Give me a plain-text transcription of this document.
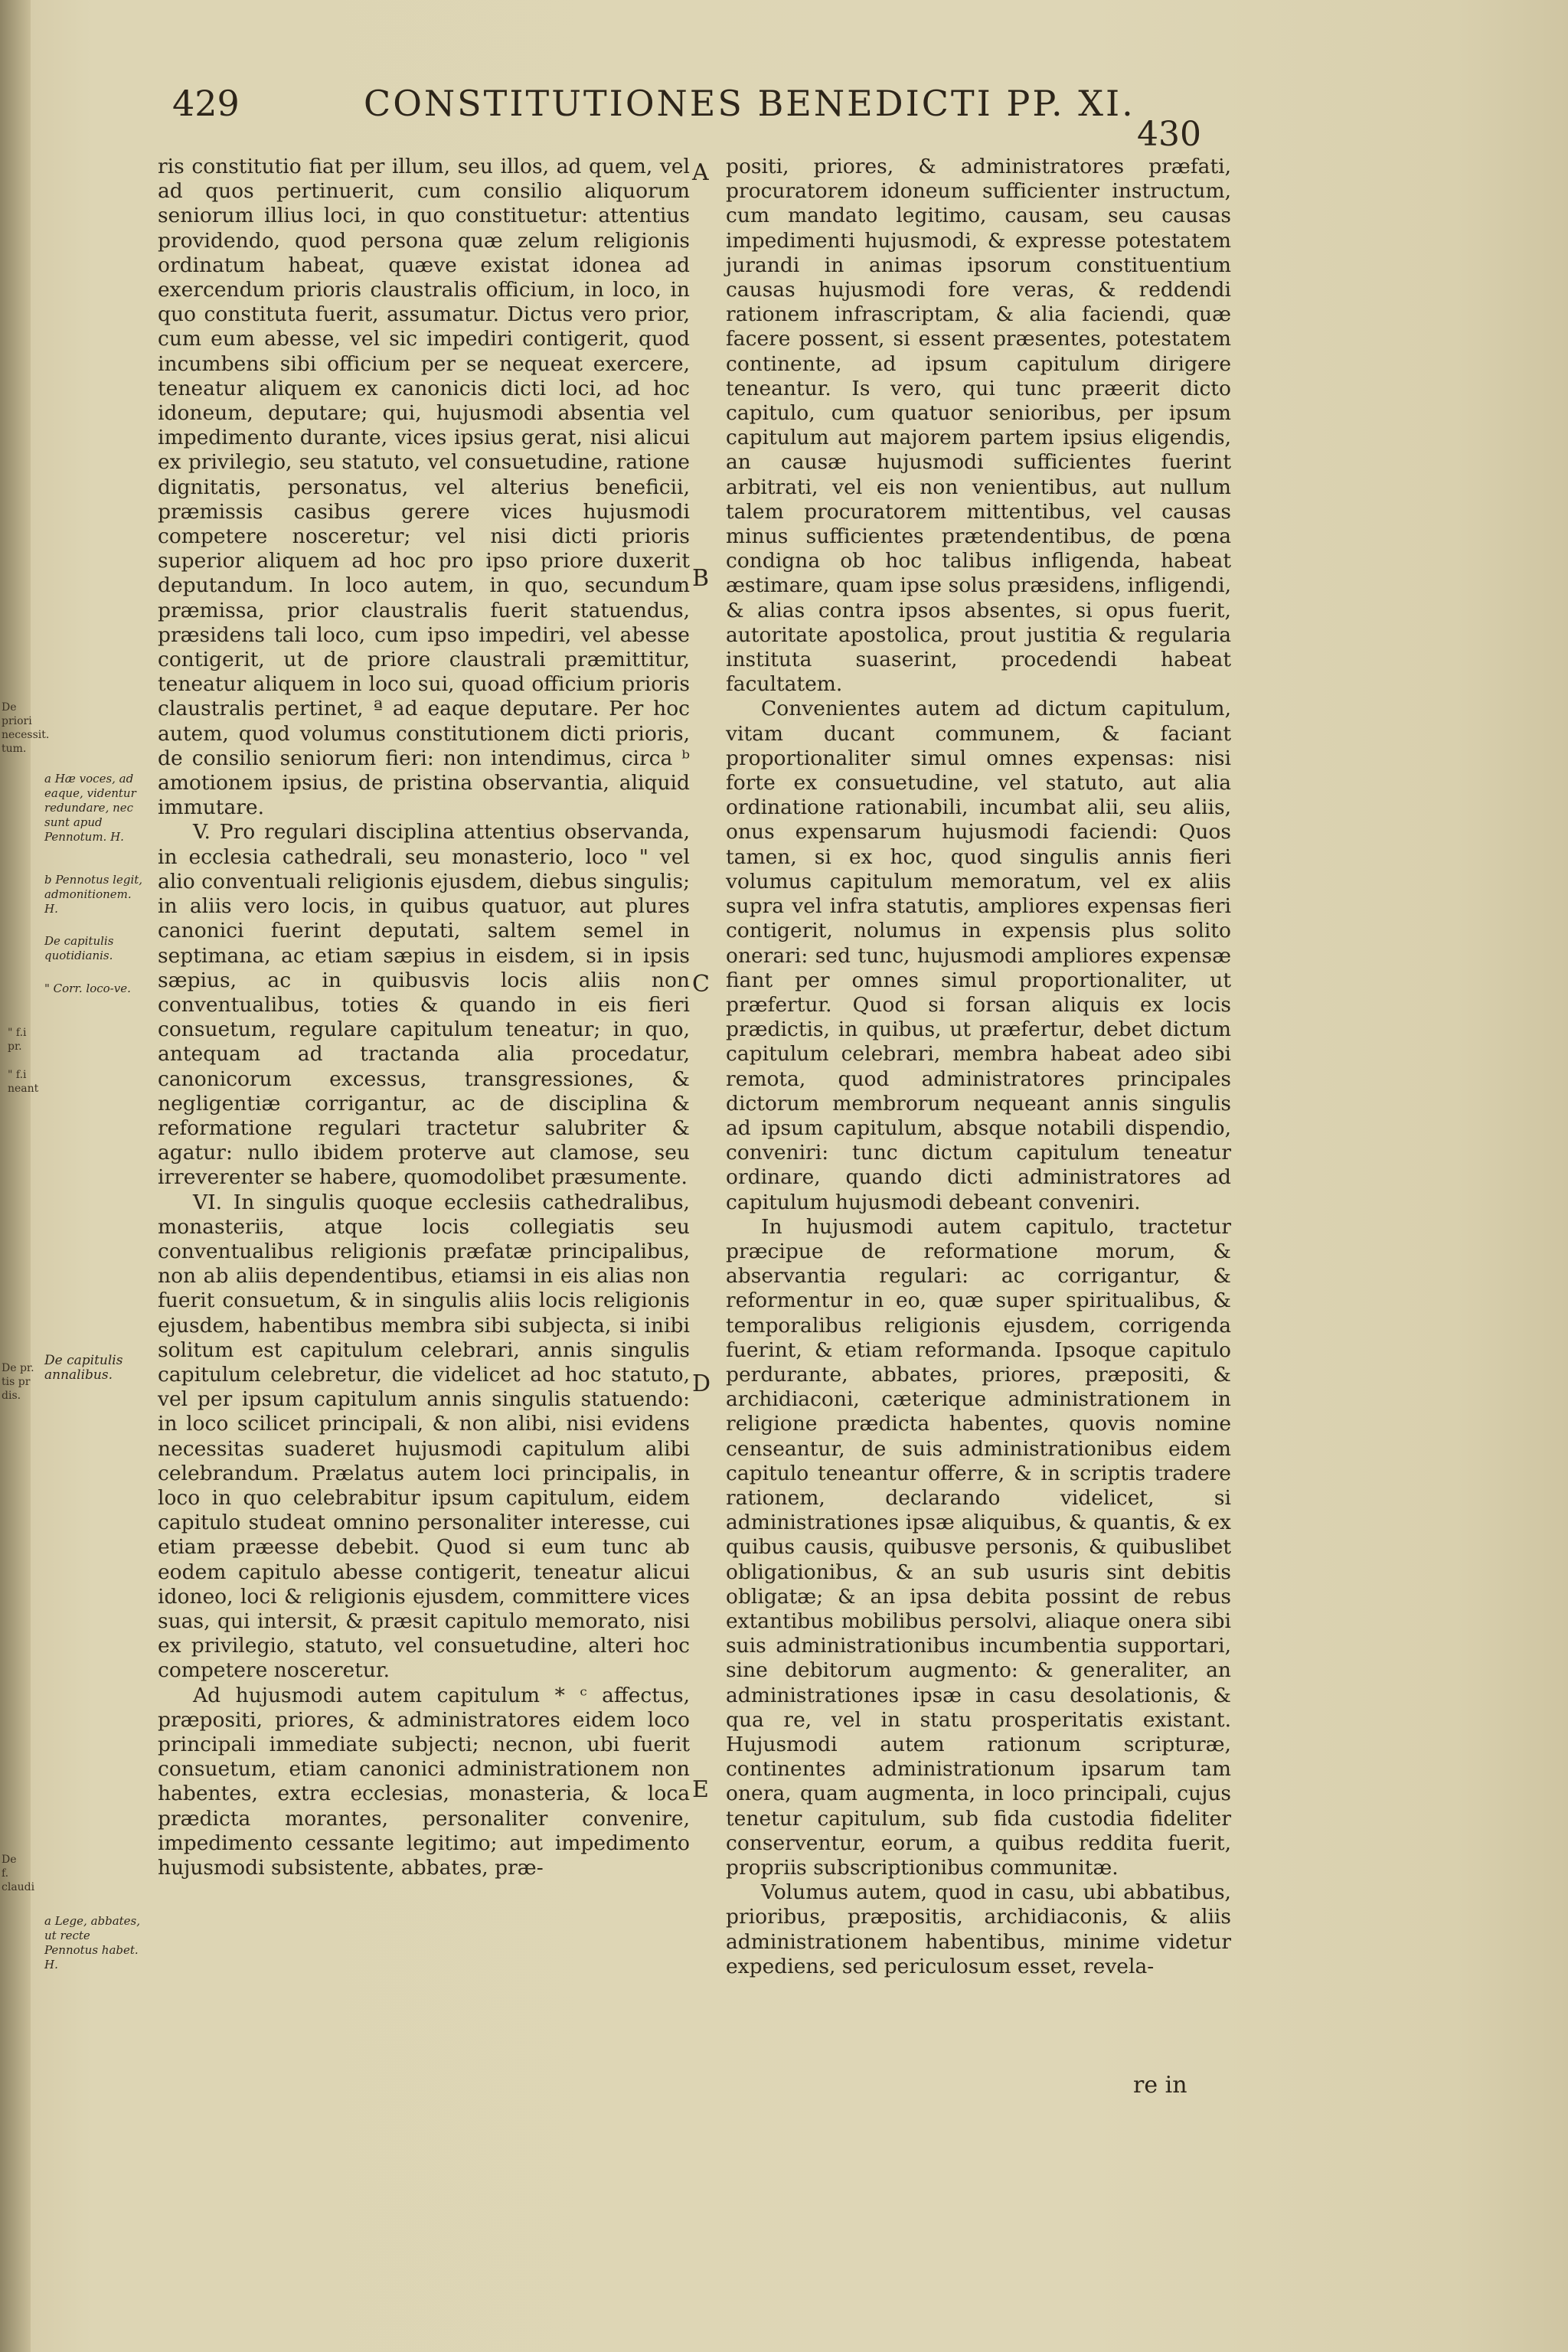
429	CONSTITUTIONES BENEDICTI PP. XI.
430
De priori necessit. tum.
" f.i pr.
" f.i neant
De pr. tis pr dis.
De f. claudi
a Hæ voces, ad eaque, videntur redundare, nec sunt apud Pennotum. H.
b Pennotus legit, admonitionem. H.
De capitulis quotidianis.
" Corr. loco-ve.
De capitulis annalibus.
a Lege, abbates, ut recte Pennotus habet. H.

ris constitutio fiat per illum, seu illos, ad quem, vel ad quos pertinuerit, cum consilio aliquorum seniorum illius loci, in quo constituetur: attentius providendo, quod persona quæ zelum religionis ordinatum habeat, quæve existat idonea ad exercendum prioris claustralis officium, in loco, in quo constituta fuerit, assumatur. Dictus vero prior, cum eum abesse, vel sic impediri contigerit, quod incumbens sibi officium per se nequeat exercere, teneatur aliquem ex canonicis dicti loci, ad hoc idoneum, deputare; qui, hujusmodi absentia vel impedimento durante, vices ipsius gerat, nisi alicui ex privilegio, seu statuto, vel consuetudine, ratione dignitatis, personatus, vel alterius beneficii, præmissis casibus gerere vices hujusmodi competere nosceretur; vel nisi dicti prioris superior aliquem ad hoc pro ipso priore duxerit deputandum. In loco autem, in quo, secundum præmissa, prior claustralis fuerit statuendus, præsidens tali loco, cum ipso impediri, vel abesse contigerit, ut de priore claustrali præmittitur, teneatur aliquem in loco sui, quoad officium prioris claustralis pertinet, ª ad eaque deputare. Per hoc autem, quod volumus constitutionem dicti prioris, de consilio seniorum fieri: non intendimus, circa ᵇ amotionem ipsius, de pristina observantia, aliquid immutare.

V. Pro regulari disciplina attentius observanda, in ecclesia cathedrali, seu monasterio, loco " vel alio conventuali religionis ejusdem, diebus singulis; in aliis vero locis, in quibus quatuor, aut plures canonici fuerint deputati, saltem semel in septimana, ac etiam sæpius in eisdem, si in ipsis sæpius, ac in quibusvis locis aliis non conventualibus, toties & quando in eis fieri consuetum, regulare capitulum teneatur; in quo, antequam ad tractanda alia procedatur, canonicorum excessus, transgressiones, & negligentiæ corrigantur, ac de disciplina & reformatione regulari tractetur salubriter & agatur: nullo ibidem proterve aut clamose, seu irreverenter se habere, quomodolibet præsumente.

VI. In singulis quoque ecclesiis cathedralibus, monasteriis, atque locis collegiatis seu conventualibus religionis præfatæ principalibus, non ab aliis dependentibus, etiamsi in eis alias non fuerit consuetum, & in singulis aliis locis religionis ejusdem, habentibus membra sibi subjecta, si inibi solitum est capitulum celebrari, annis singulis capitulum celebretur, die videlicet ad hoc statuto, vel per ipsum capitulum annis singulis statuendo: in loco scilicet principali, & non alibi, nisi evidens necessitas suaderet hujusmodi capitulum alibi celebrandum. Prælatus autem loci principalis, in loco in quo celebrabitur ipsum capitulum, eidem capitulo studeat omnino personaliter interesse, cui etiam præesse debebit. Quod si eum tunc ab eodem capitulo abesse contigerit, teneatur alicui idoneo, loci & religionis ejusdem, committere vices suas, qui intersit, & præsit capitulo memorato, nisi ex privilegio, statuto, vel consuetudine, alteri hoc competere nosceretur.

Ad hujusmodi autem capitulum * ᶜ affectus, præpositi, priores, & administratores eidem loco principali immediate subjecti; necnon, ubi fuerit consuetum, etiam canonici administrationem non habentes, extra ecclesias, monasteria, & loca prædicta morantes, personaliter convenire, impedimento cessante legitimo; aut impedimento hujusmodi subsistente, abbates, præ-

A
B
C
D
E

positi, priores, & administratores præfati, procuratorem idoneum sufficienter instructum, cum mandato legitimo, causam, seu causas impedimenti hujusmodi, & expresse potestatem jurandi in animas ipsorum constituentium causas hujusmodi fore veras, & reddendi rationem infrascriptam, & alia faciendi, quæ facere possent, si essent præsentes, potestatem continente, ad ipsum capitulum dirigere teneantur. Is vero, qui tunc præerit dicto capitulo, cum quatuor senioribus, per ipsum capitulum aut majorem partem ipsius eligendis, an causæ hujusmodi sufficientes fuerint arbitrati, vel eis non venientibus, aut nullum talem procuratorem mittentibus, vel causas minus sufficientes prætendentibus, de pœna condigna ob hoc talibus infligenda, habeat æstimare, quam ipse solus præsidens, infligendi, & alias contra ipsos absentes, si opus fuerit, autoritate apostolica, prout justitia & regularia instituta suaserint, procedendi habeat facultatem.

Convenientes autem ad dictum capitulum, vitam ducant communem, & faciant proportionaliter simul omnes expensas: nisi forte ex consuetudine, vel statuto, aut alia ordinatione rationabili, incumbat alii, seu aliis, onus expensarum hujusmodi faciendi: Quos tamen, si ex hoc, quod singulis annis fieri volumus capitulum memoratum, vel ex aliis supra vel infra statutis, ampliores expensas fieri contigerit, nolumus in expensis plus solito onerari: sed tunc, hujusmodi ampliores expensæ fiant per omnes simul proportionaliter, ut præfertur. Quod si forsan aliquis ex locis prædictis, in quibus, ut præfertur, debet dictum capitulum celebrari, membra habeat adeo sibi remota, quod administratores principales dictorum membrorum nequeant annis singulis ad ipsum capitulum, absque notabili dispendio, conveniri: tunc dictum capitulum teneatur ordinare, quando dicti administratores ad capitulum hujusmodi debeant conveniri.

In hujusmodi autem capitulo, tractetur præcipue de reformatione morum, & abservantia regulari: ac corrigantur, & reformentur in eo, quæ super spiritualibus, & temporalibus religionis ejusdem, corrigenda fuerint, & etiam reformanda. Ipsoque capitulo perdurante, abbates, priores, præpositi, & archidiaconi, cæterique administrationem in religione prædicta habentes, quovis nomine censeantur, de suis administrationibus eidem capitulo teneantur offerre, & in scriptis tradere rationem, declarando videlicet, si administrationes ipsæ aliquibus, & quantis, & ex quibus causis, quibusve personis, & quibuslibet obligationibus, & an sub usuris sint debitis obligatæ; & an ipsa debita possint de rebus extantibus mobilibus persolvi, aliaque onera sibi suis administrationibus incumbentia supportari, sine debitorum augmento: & generaliter, an administrationes ipsæ in casu desolationis, & qua re, vel in statu prosperitatis existant. Hujusmodi autem rationum scripturæ, continentes administrationum ipsarum tam onera, quam augmenta, in loco principali, cujus tenetur capitulum, sub fida custodia fideliter conserventur, eorum, a quibus reddita fuerit, propriis subscriptionibus communitæ.

Volumus autem, quod in casu, ubi abbatibus, prioribus, præpositis, archidiaconis, & aliis administrationem habentibus, minime videtur expediens, sed periculosum esset, revela-

re in
